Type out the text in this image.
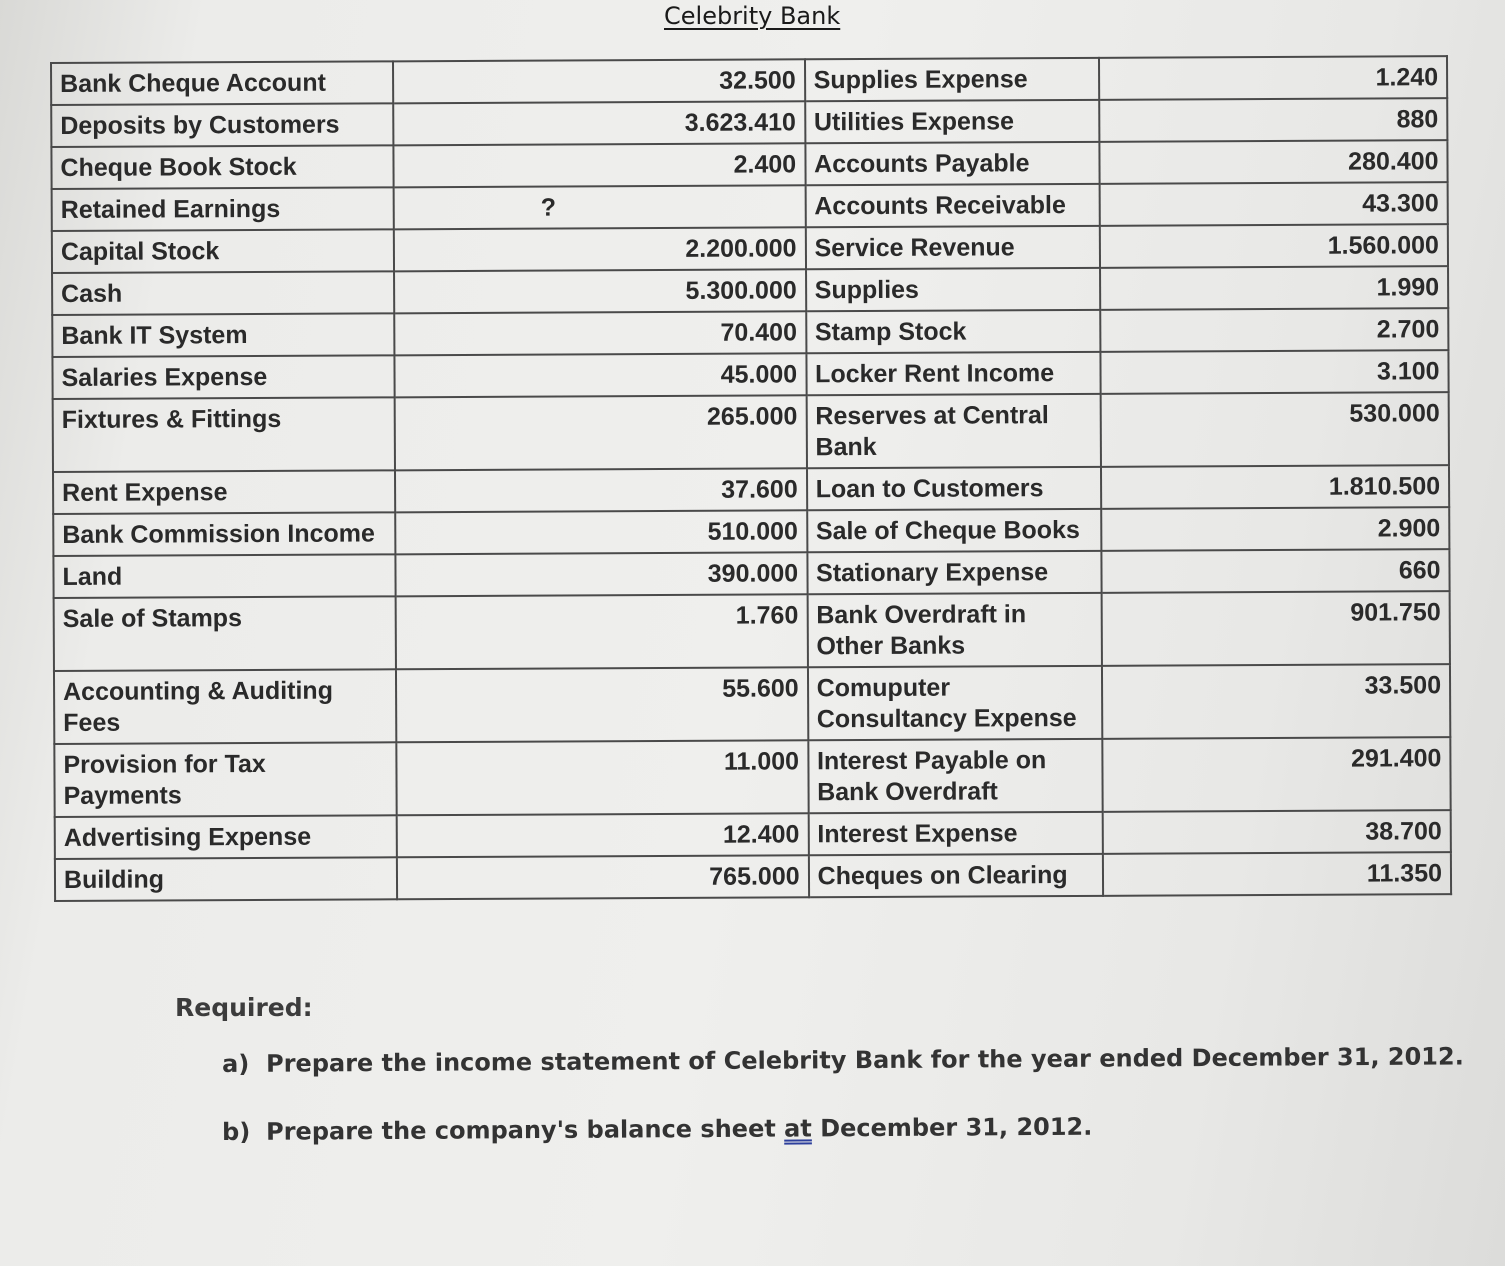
Celebrity Bank
Bank Cheque Account	32.500	Supplies Expense	1.240
Deposits by Customers	3.623.410	Utilities Expense	880
Cheque Book Stock	2.400	Accounts Payable	280.400
Retained Earnings	?	Accounts Receivable	43.300
Capital Stock	2.200.000	Service Revenue	1.560.000
Cash	5.300.000	Supplies	1.990
Bank IT System	70.400	Stamp Stock	2.700
Salaries Expense	45.000	Locker Rent Income	3.100
Fixtures & Fittings	265.000	Reserves at Central Bank	530.000
Rent Expense	37.600	Loan to Customers	1.810.500
Bank Commission Income	510.000	Sale of Cheque Books	2.900
Land	390.000	Stationary Expense	660
Sale of Stamps	1.760	Bank Overdraft in Other Banks	901.750
Accounting & Auditing Fees	55.600	Comuputer Consultancy Expense	33.500
Provision for Tax Payments	11.000	Interest Payable on Bank Overdraft	291.400
Advertising Expense	12.400	Interest Expense	38.700
Building	765.000	Cheques on Clearing	11.350
Required:
a) Prepare the income statement of Celebrity Bank for the year ended December 31, 2012.
b) Prepare the company's balance sheet at December 31, 2012.
